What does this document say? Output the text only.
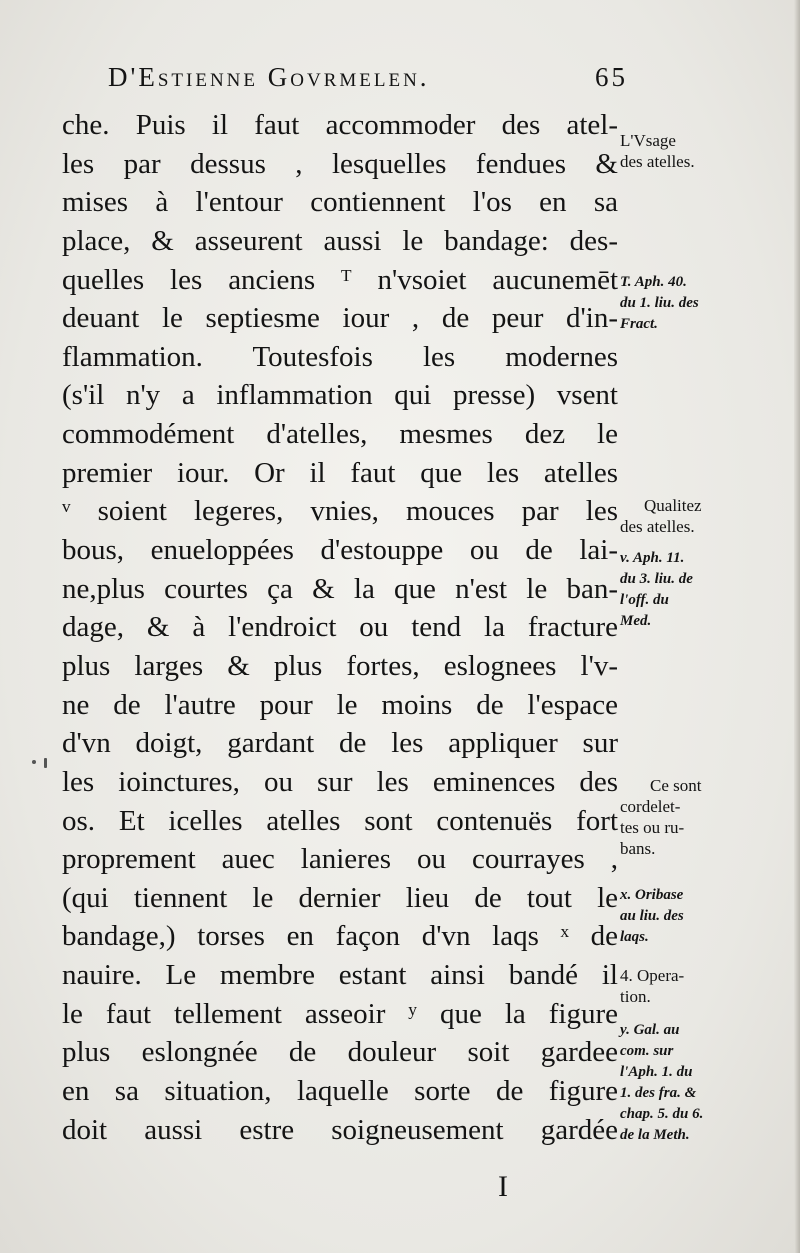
D'Estienne Govrmelen.	65
che. Puis il faut accommoder des atel-
les par dessus , lesquelles fendues &
mises à l'entour contiennent l'os en sa
place, & asseurent aussi le bandage: des-
quelles les anciens ᵀ n'vsoiet aucunemēt
deuant le septiesme iour , de peur d'in-
flammation. Toutesfois les modernes
(s'il n'y a inflammation qui presse) vsent
commodément d'atelles, mesmes dez le
premier iour. Or il faut que les atelles
ᵛ soient legeres, vnies, mouces par les
bous, enueloppées d'estouppe ou de lai-
ne,plus courtes ça & la que n'est le ban-
dage, & à l'endroict ou tend la fracture
plus larges & plus fortes, eslognees l'v-
ne de l'autre pour le moins de l'espace
d'vn doigt, gardant de les appliquer sur
les ioinctures, ou sur les eminences des
os. Et icelles atelles sont contenuës fort
proprement auec lanieres ou courrayes ,
(qui tiennent le dernier lieu de tout le
bandage,) torses en façon d'vn laqs ˣ de
nauire. Le membre estant ainsi bandé il
le faut tellement asseoir ʸ que la figure
plus eslongnée de douleur soit gardee
en sa situation, laquelle sorte de figure
doit aussi estre soigneusement gardée
L'Vsage
des atelles.
T. Aph. 40.
du 1. liu. des
Fract.
Qualitez
des atelles.
v. Aph. 11.
du 3. liu. de
l'off. du
Med.
Ce sont
cordelet-
tes ou ru-
bans.
x. Oribase
au liu. des
laqs.
4. Opera-
tion.
y. Gal. au
com. sur
l'Aph. 1. du
1. des fra. &
chap. 5. du 6.
de la Meth.
I
